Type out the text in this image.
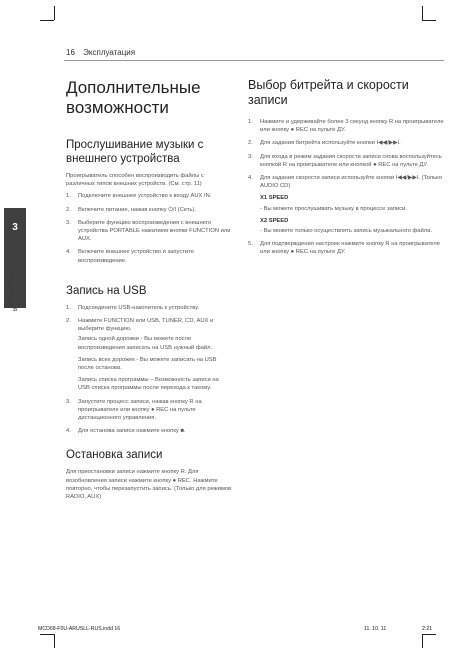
16 Эксплуатация
3
Эксплуатация
Дополнительные возможности
Прослушивание музыки с внешнего устройства

Проигрыватель способен воспроизводить файлы с различных типов внешних устройств. (См. стр. 11)

1. Подключите внешнее устройство к входу AUX IN.
2. Включите питание, нажав кнопку ⏻/I (Сеть).
3. Выберите функцию воспроизведения с внешнего устройства PORTABLE нажатием кнопки FUNCTION или AUX.
4. Включите внешнее устройство и запустите воспроизведение.
Запись на USB
1. Подсоедините USB-накопитель к устройству.
2. Нажмите FUNCTION или USB, TUNER, CD, AUX и выберите функцию.
Запись одной дорожки - Вы можете после воспроизведения записать на USB нужный файл.
Запись всех дорожек - Вы можете записать на USB после останова.
Запись списка программы – Возможность записи на USB списка программы после перехода к такому.
3. Запустите процесс записи, нажав кнопку R на проигрывателе или кнопку ● REC на пульте дистанционного управления.
4. Для останова записи нажмите кнопку ■.
Остановка записи

Для приостановки записи нажмите кнопку R. Для возобновления записи нажмите кнопку ● REC. Нажмите повторно, чтобы перезапустить запись. (Только для режимов RADIO, AUX)

Выбор битрейта и скорости записи
1. Нажмите и удерживайте более 3 секунд кнопку R на проигрывателе или кнопку ● REC на пульте ДУ.
2. Для задания битрейта используйте кнопки I◀◀/▶▶I.
3. Для входа в режим задания скорости записи снова воспользуйтесь кнопкой R на проигрывателе или кнопкой ● REC на пульте ДУ.
4. Для задания скорости записи используйте кнопки I◀◀/▶▶I. (Только AUDIO CD)
X1 SPEED
- Вы можете прослушивать музыку в процессе записи.
X2 SPEED
- Вы можете только осуществлять запись музыкального файла.
5. Для подтверждения настроек нажмите кнопку R на проигрывателе или кнопку ● REC на пульте ДУ.
MCD68-F0U-ARUSLL-RUS.indd 16	11. 10. 11	2:21
